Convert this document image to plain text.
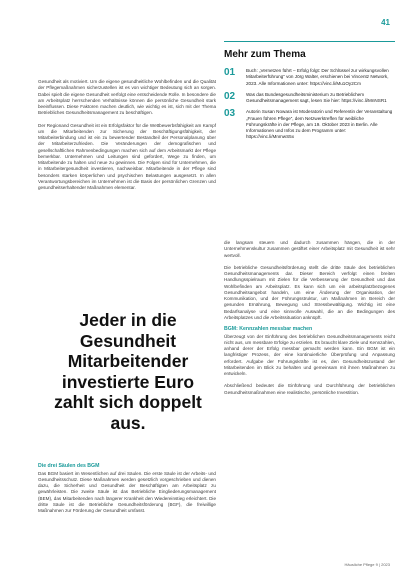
41

Gesundheit als motiviert. Um die eigene gesundheitliche Wohlbefinden und die Qualität der Pflegemaßnahmen sicherzustellen ist es von wichtiger Bedeutung sich an sorgen. Dabei spielt die eigene Gesundheit verfolgt eine entscheidende Rolle. In besondere die am Arbeitsplatz herrschenden Verhältnisse können die persönliche Gesundheit stark beeinflussen. Diese Faktoren machen deutlich, wie wichtig es ist, sich mit der Thema Betriebliches Gesundheitsmanagement zu beschäftigen.

Der Regionand Gesundheit ist ein Erfolgsfaktor für die Wettbewerbsfähigkeit am Kampf um die Mitarbeitenden zur Sicherung der Beschäftigungsfähigkeit, der Mitarbeiterbindung und ist ein zu bewertender Bestandteil der Personalplanung über der Mitarbeiterzufrieden. Die Veränderungen der demografischen und gesellschaftlichen Rahmenbedingungen machen sich auf dem Arbeitsmarkt der Pflege bemerkbar. Unternehmen und Leitungen sind gefordert, Wege zu finden, um Mitarbeitende zu halten und neue zu gewinnen. Die Folgen sind für Unternehmen, die in Mitarbeitergesundheit investieren, nachweisbar. Mitarbeitende in der Pflege sind besonders starken körperlichen und psychischen Belastungen ausgesetzt. In allen Verantwortungsbereichen im Unternehmen ist die Basis der persönlichen Grenzen und gesundheitserhaltender Maßnahmen elementar.

Jeder in die Gesundheit Mitarbeitender investierte Euro zahlt sich doppelt aus.

Die drei Säulen des BGM

Das BGM basiert im Wesentlichen auf drei Säulen. Die erste Säule ist der Arbeits- und Gesundheitsschutz. Diese Maßnahmen werden gesetzlich vorgeschrieben und dienen dazu, die Sicherheit und Gesundheit der Beschäftigten am Arbeitsplatz zu gewährleisten. Die zweite Säule ist das Betriebliche Eingliederungsmanagement (BEM), das Mitarbeitenden nach längerer Krankheit den Wiedereinstieg erleichtert. Die dritte Säule ist die Betriebliche Gesundheitsförderung (BGF), die freiwillige Maßnahmen zur Förderung der Gesundheit umfasst.

Mehr zum Thema
01 Buch: „Vernetzen führt – Erfolg folgt: Der Schlüssel zur wirkungsvollen Mitarbeiterführung“ von Jörg Walter, erschienen bei Vincentz Network, 2023. Alle Informationen unter: https://vinc.li/Mu1Oy2Cm
02 Was das Bundesgesundheitsministerium zu Betrieblichem Gesundheitsmanagement sagt, lesen Sie hier: https://vinc.li/MnNSR1
03 Autorin Susan Nowara ist Moderatorin und Referentin der Veranstaltung „Frauen führen Pflege“, dem Netzwerktreffen für weibliche Führungskräfte in der Pflege, am 19. Oktober 2023 in Berlin. Alle Informationen und Infos zu dem Programm unter: https://vinc.li/MnmwS5x

die langsam steuern und dadurch zusammen hängen, die in der Unternehmenskultur zusammen gestiftet einer Arbeitsplatz mit Gesundheit ist sehr wertvoll.

Die betriebliche Gesundheitsförderung stellt die dritte Säule des betrieblichen Gesundheitsmanagements dar. Dieser Bereich verfolgt einen breiten Handlungsspielraum mit Zielen für die Verbesserung der Gesundheit und das Wohlbefinden am Arbeitsplatz. Es kann sich um ein arbeitsplatzbezogenes Gesundheitsangebot handeln, um eine Änderung der Organisation, der Kommunikation, und der Führungsstruktur, um Maßnahmen im Bereich der gesunden Ernährung, Bewegung und Stressbewältigung. Wichtig ist eine Bedarfsanalyse und eine sinnvolle Auswahl, die an die Bedingungen des Arbeitsplatzes und die Arbeitssituation anknüpft.

BGM: Kennzahlen messbar machen

Überzeugt von der Einführung des betrieblichen Gesundheitsmanagements reicht nicht aus, um messbare Erfolge zu erzielen. Es braucht klare Ziele und Kennzahlen, anhand derer der Erfolg messbar gemacht werden kann. Ein BGM ist ein langfristiger Prozess, der eine kontinuierliche Überprüfung und Anpassung erfordert. Aufgabe der Führungskräfte ist es, den Gesundheitszustand der Mitarbeitenden im Blick zu behalten und gemeinsam mit ihnen Maßnahmen zu entwickeln.

Abschließend bedeutet die Einführung und Durchführung der betrieblichen Gesundheitsmaßnahmen eine realistische, persönliche Investition.

Häusliche Pflege 9 | 2023
